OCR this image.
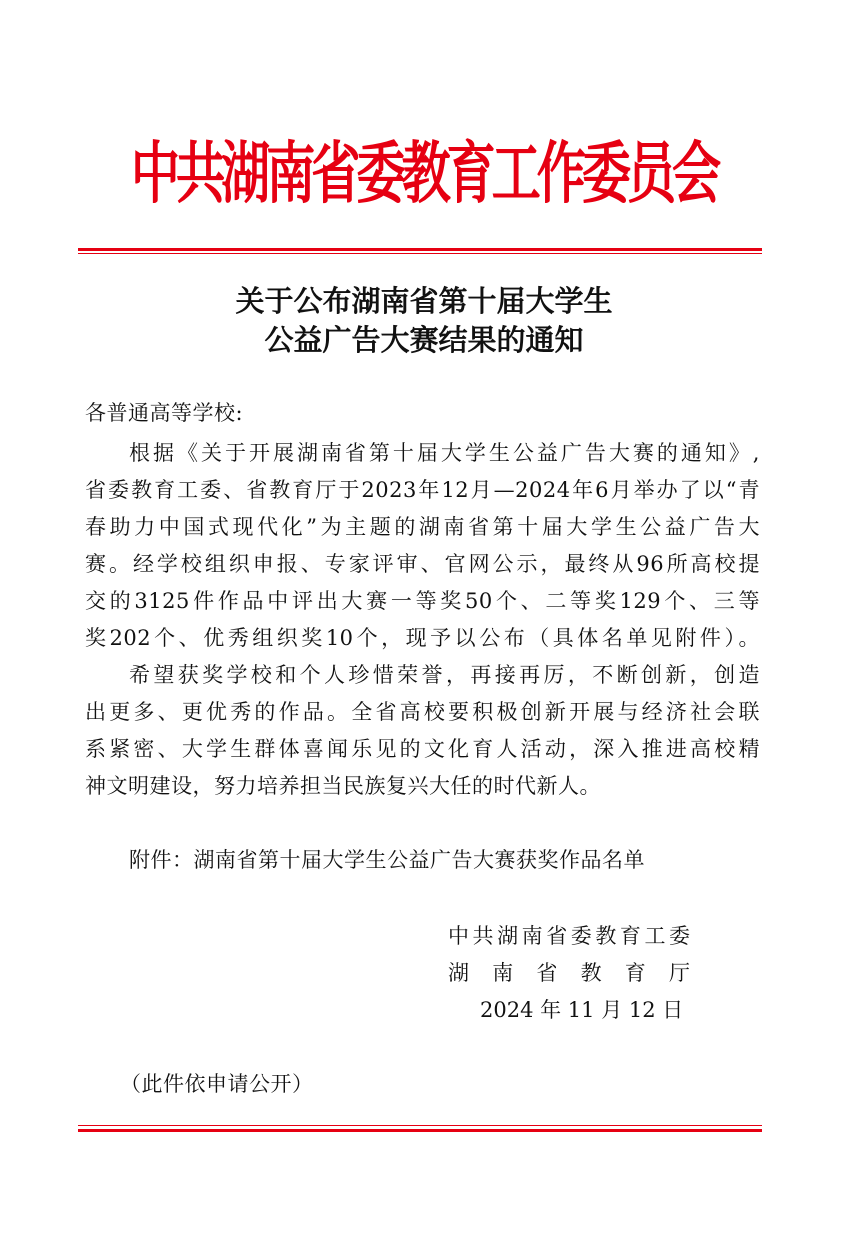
中共湖南省委教育工作委员会
关于公布湖南省第十届大学生
公益广告大赛结果的通知
各普通高等学校:
根据《关于开展湖南省第十届大学生公益广告大赛的通知》,
省委教育工委、省教育厅于2023年12月—2024年6月举办了以“青
春助力中国式现代化”为主题的湖南省第十届大学生公益广告大
赛。经学校组织申报、专家评审、官网公示，最终从96所高校提
交的3125件作品中评出大赛一等奖50个、二等奖129个、三等
奖202个、优秀组织奖10个，现予以公布（具体名单见附件）。
希望获奖学校和个人珍惜荣誉，再接再厉，不断创新，创造
出更多、更优秀的作品。全省高校要积极创新开展与经济社会联
系紧密、大学生群体喜闻乐见的文化育人活动，深入推进高校精
神文明建设，努力培养担当民族复兴大任的时代新人。
附件：湖南省第十届大学生公益广告大赛获奖作品名单
中共湖南省委教育工委
湖南省教育厅
2024 年 11 月 12 日
（此件依申请公开）
